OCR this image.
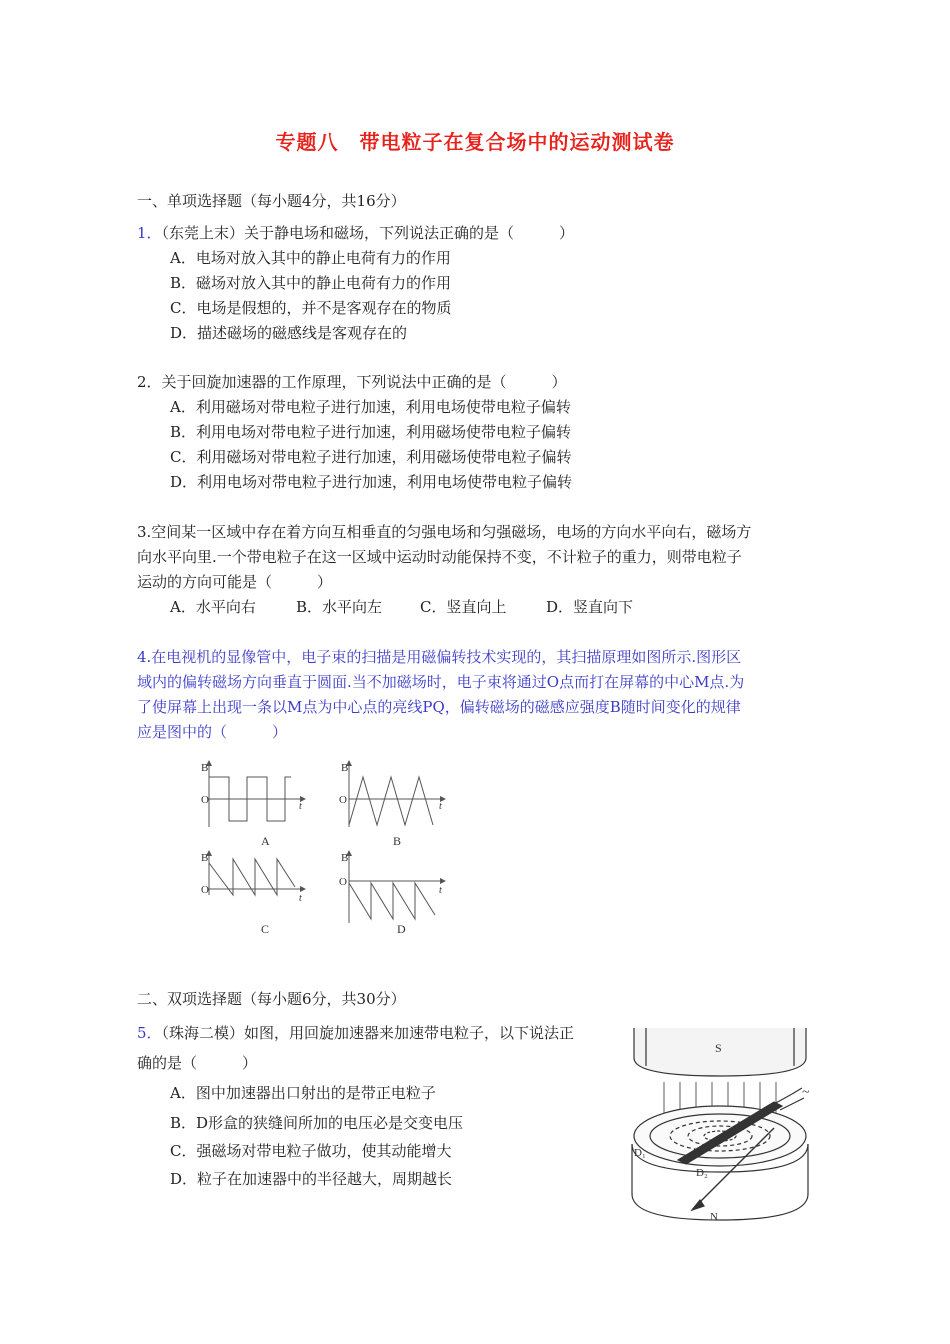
专题八　带电粒子在复合场中的运动测试卷
一、单项选择题（每小题4分，共16分）
1．（东莞上末）关于静电场和磁场，下列说法正确的是（　　　）
A．电场对放入其中的静止电荷有力的作用
B．磁场对放入其中的静止电荷有力的作用
C．电场是假想的，并不是客观存在的物质
D．描述磁场的磁感线是客观存在的
2．关于回旋加速器的工作原理，下列说法中正确的是（　　　）
A．利用磁场对带电粒子进行加速，利用电场使带电粒子偏转
B．利用电场对带电粒子进行加速，利用磁场使带电粒子偏转
C．利用磁场对带电粒子进行加速，利用磁场使带电粒子偏转
D．利用电场对带电粒子进行加速，利用电场使带电粒子偏转
3.空间某一区域中存在着方向互相垂直的匀强电场和匀强磁场，电场的方向水平向右，磁场方
向水平向里.一个带电粒子在这一区域中运动时动能保持不变，不计粒子的重力，则带电粒子
运动的方向可能是（　　　）
A．水平向右	B．水平向左	C．竖直向上	D．竖直向下
4.在电视机的显像管中，电子束的扫描是用磁偏转技术实现的，其扫描原理如图所示.图形区
域内的偏转磁场方向垂直于圆面.当不加磁场时，电子束将通过O点而打在屏幕的中心M点.为
了使屏幕上出现一条以M点为中心点的亮线PQ，偏转磁场的磁感应强度B随时间变化的规律
应是图中的（　　　）
B
O
t
A
B
O
t
B
B
O
t
C
B
O
t
D
二、双项选择题（每小题6分，共30分）
5．（珠海二模）如图，用回旋加速器来加速带电粒子，以下说法正
确的是（　　　）
A．图中加速器出口射出的是带正电粒子
B．D形盒的狭缝间所加的电压必是交变电压
C．强磁场对带电粒子做功，使其动能增大
D．粒子在加速器中的半径越大，周期越长
S
N
D₁
D₂
~
